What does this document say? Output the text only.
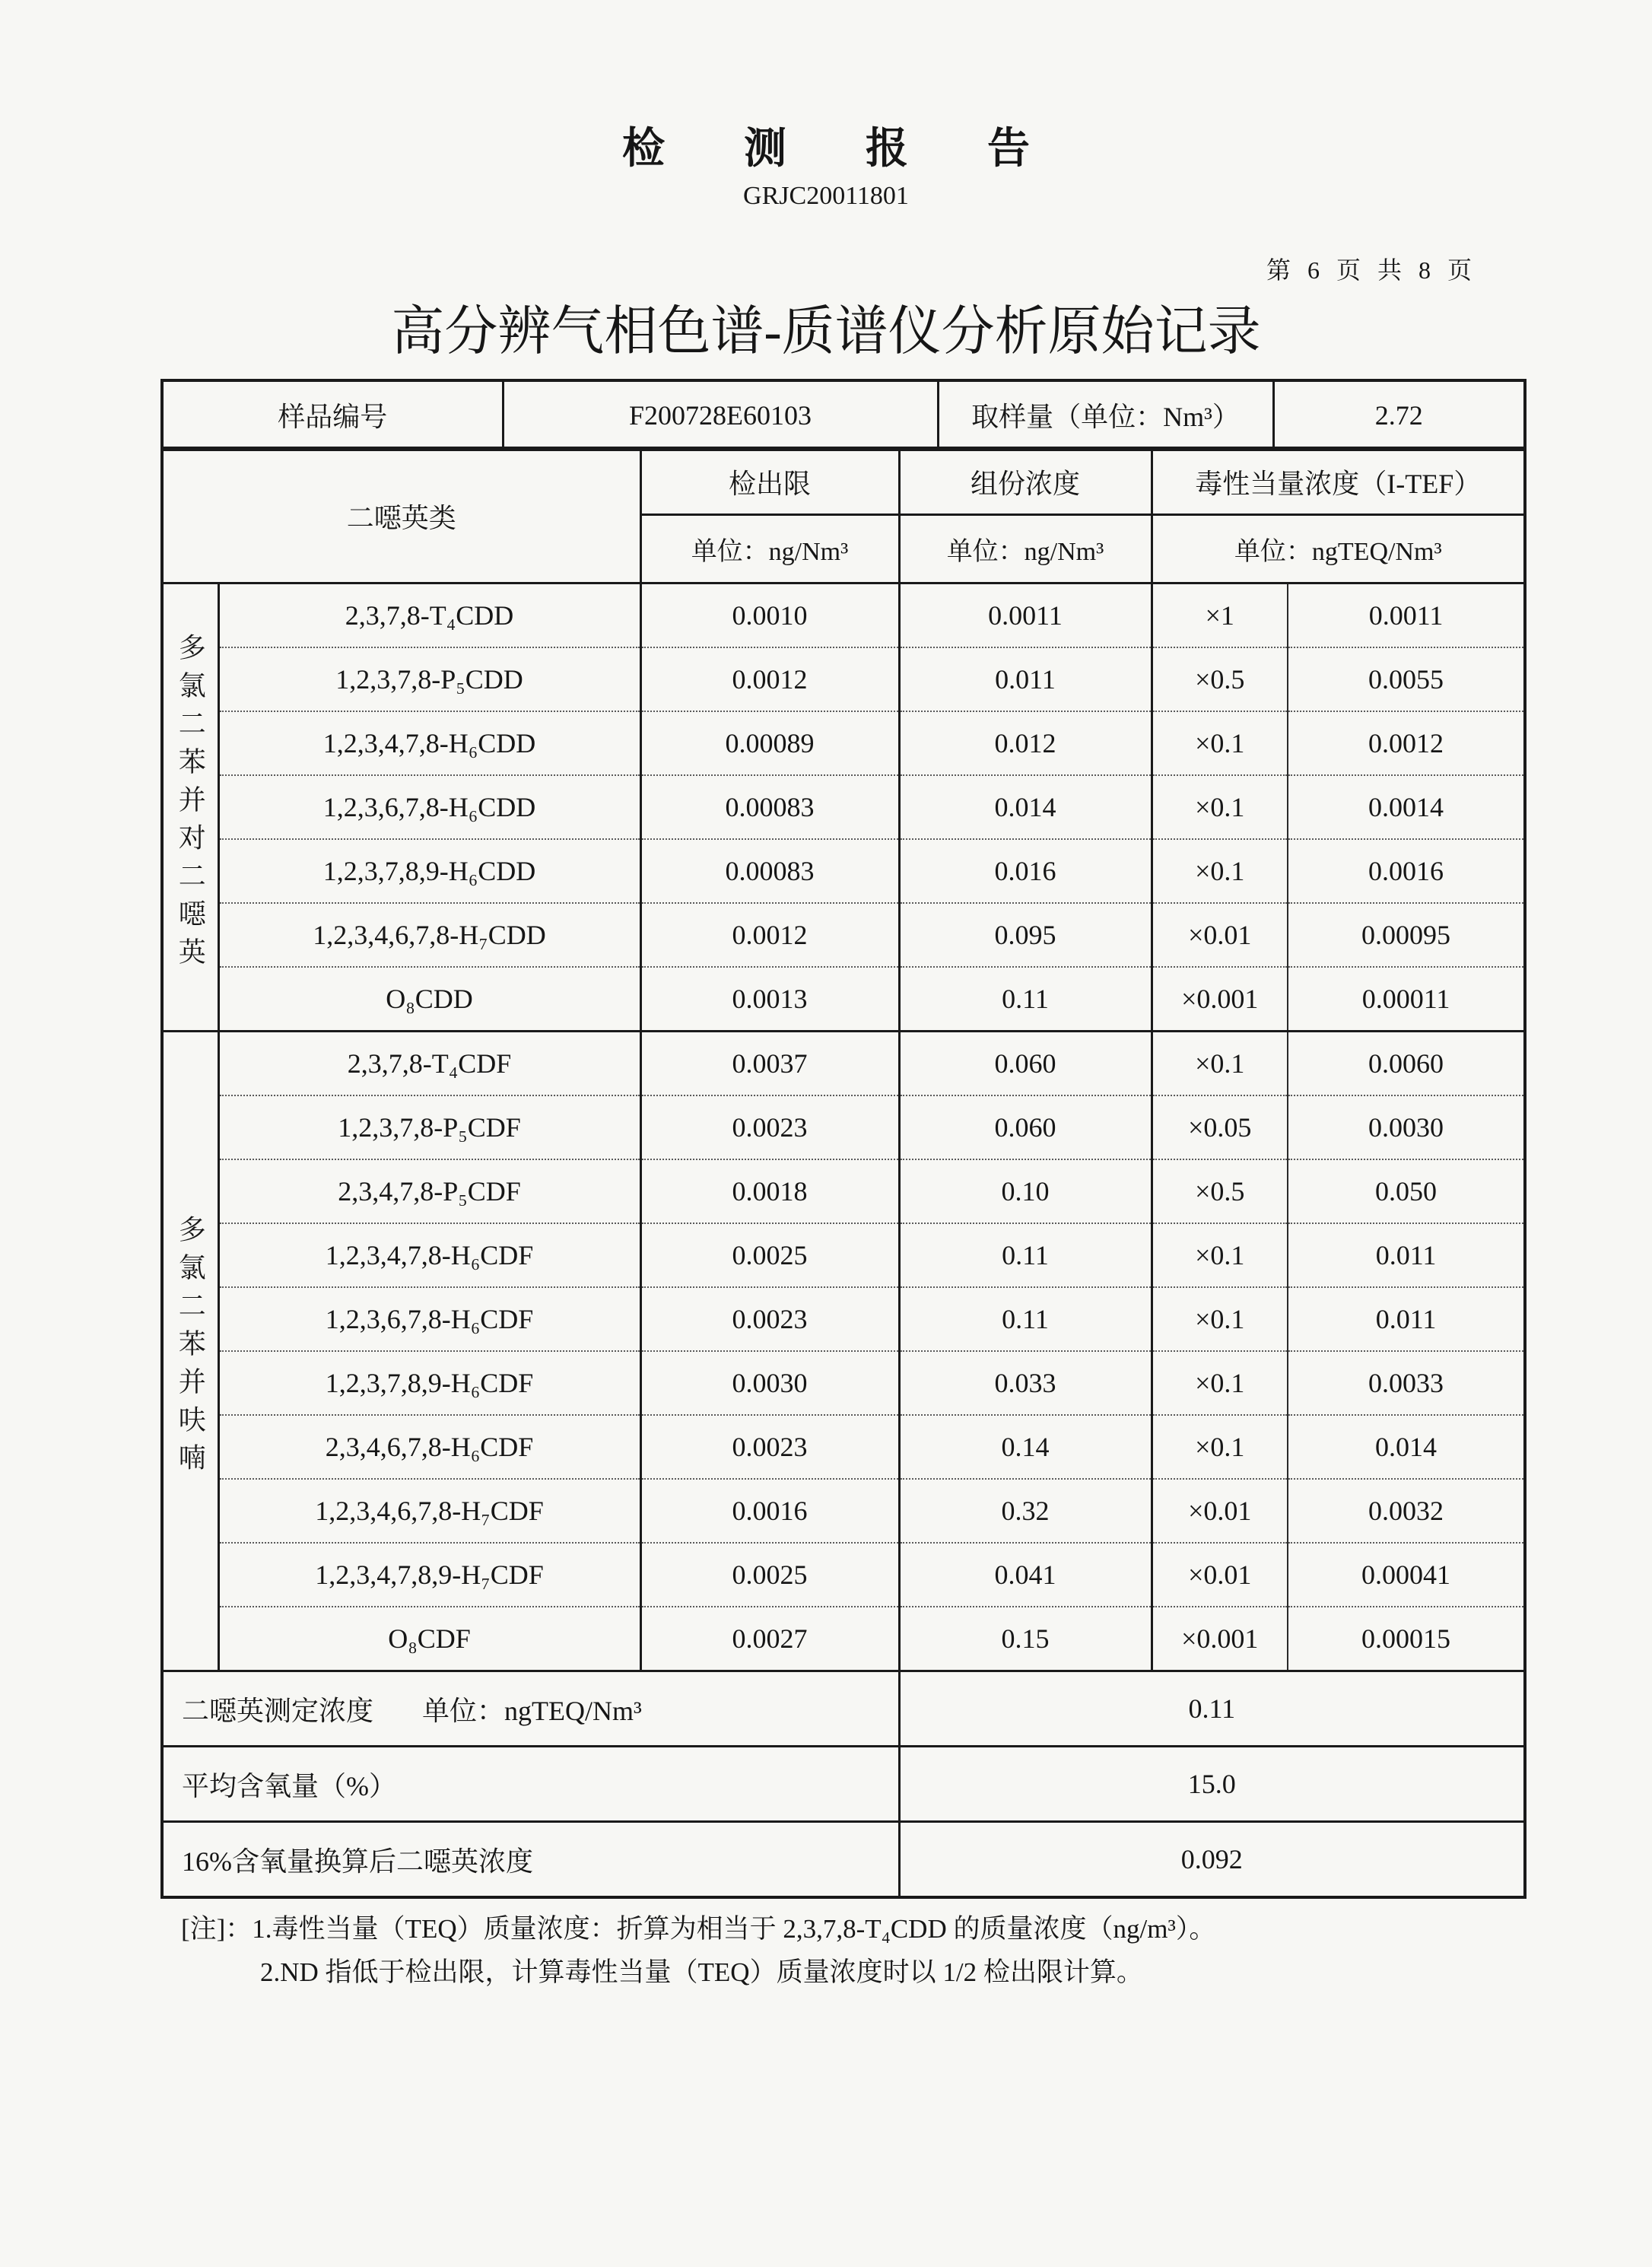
检 测 报 告
GRJC20011801
第 6 页 共 8 页
高分辨气相色谱-质谱仪分析原始记录
样品编号	F200728E60103	取样量（单位：Nm³）	2.72
二噁英类		检出限	组份浓度	毒性当量浓度（I-TEF）	
		单位：ng/Nm³	单位：ng/Nm³	单位：ngTEQ/Nm³	
多氯二苯并对二噁英	2,3,7,8-T₄CDD	0.0010	0.0011	×1	0.0011
	1,2,3,7,8-P₅CDD	0.0012	0.011	×0.5	0.0055
	1,2,3,4,7,8-H₆CDD	0.00089	0.012	×0.1	0.0012
	1,2,3,6,7,8-H₆CDD	0.00083	0.014	×0.1	0.0014
	1,2,3,7,8,9-H₆CDD	0.00083	0.016	×0.1	0.0016
	1,2,3,4,6,7,8-H₇CDD	0.0012	0.095	×0.01	0.00095
	O₈CDD	0.0013	0.11	×0.001	0.00011
多氯二苯并呋喃	2,3,7,8-T₄CDF	0.0037	0.060	×0.1	0.0060
	1,2,3,7,8-P₅CDF	0.0023	0.060	×0.05	0.0030
	2,3,4,7,8-P₅CDF	0.0018	0.10	×0.5	0.050
	1,2,3,4,7,8-H₆CDF	0.0025	0.11	×0.1	0.011
	1,2,3,6,7,8-H₆CDF	0.0023	0.11	×0.1	0.011
	1,2,3,7,8,9-H₆CDF	0.0030	0.033	×0.1	0.0033
	2,3,4,6,7,8-H₆CDF	0.0023	0.14	×0.1	0.014
	1,2,3,4,6,7,8-H₇CDF	0.0016	0.32	×0.01	0.0032
	1,2,3,4,7,8,9-H₇CDF	0.0025	0.041	×0.01	0.00041
	O₈CDF	0.0027	0.15	×0.001	0.00015
二噁英测定浓度 单位：ngTEQ/Nm³			0.11		
平均含氧量（%）			15.0		
16%含氧量换算后二噁英浓度			0.092		
[注]：1.毒性当量（TEQ）质量浓度：折算为相当于 2,3,7,8-T₄CDD 的质量浓度（ng/m³）。
2.ND 指低于检出限，计算毒性当量（TEQ）质量浓度时以 1/2 检出限计算。
